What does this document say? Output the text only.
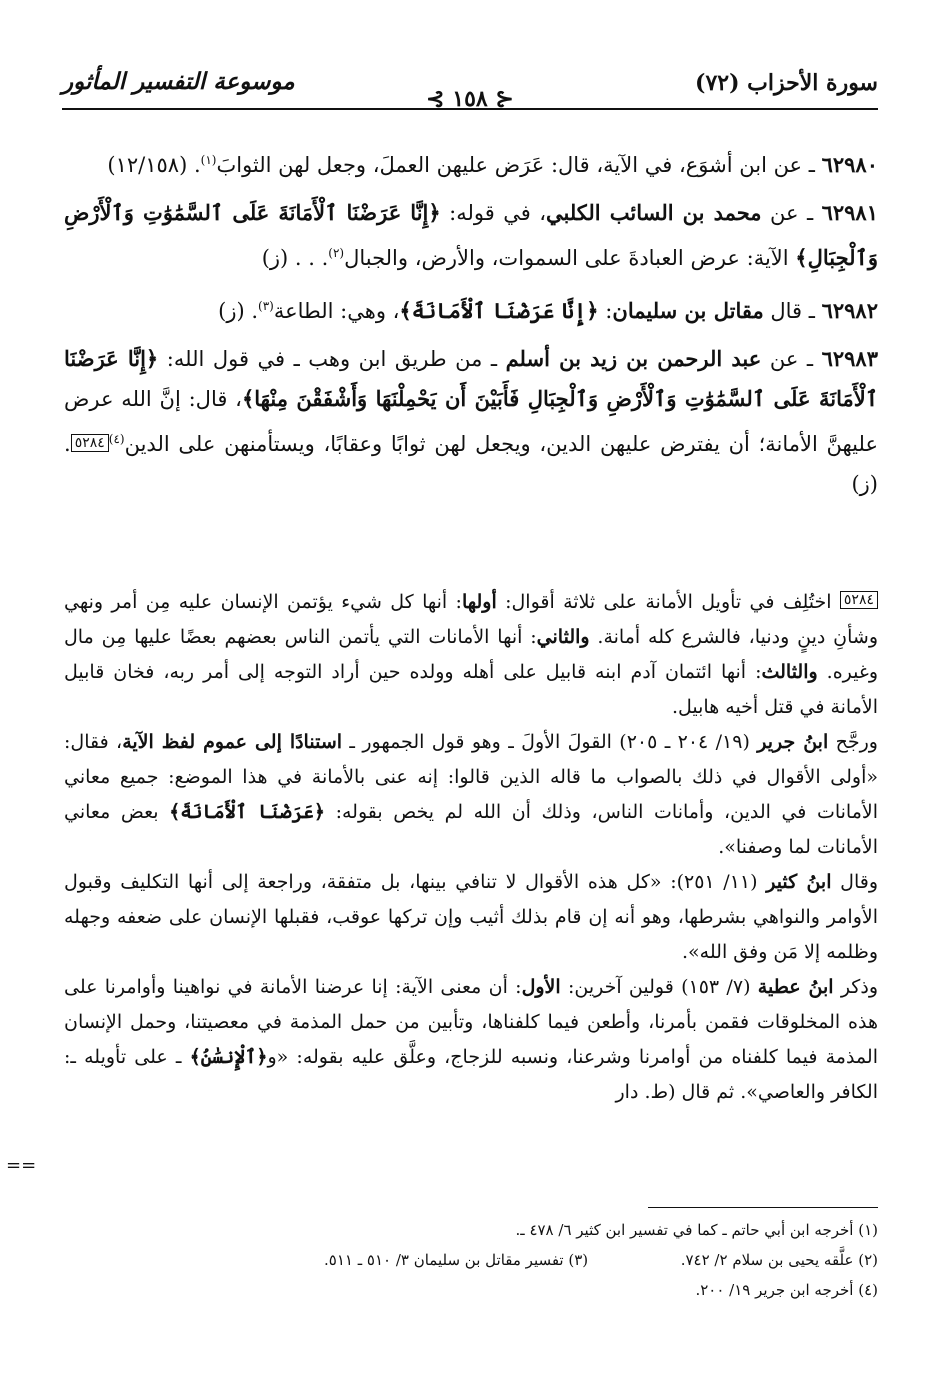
سورة الأحزاب (٧٢)
⊰ ١٥٨ ⊱
موسوعة التفسير المأثور
٦٢٩٨٠ ـ عن ابن أشوَع، في الآية، قال: عَرَض عليهن العملَ، وجعل لهن الثوابَ$^{(١)}$. (١٢/١٥٨)
٦٢٩٨١ ـ عن محمد بن السائب الكلبي، في قوله: ﴿إِنَّا عَرَضْنَا ٱلْأَمَانَةَ عَلَى ٱلسَّمَٰوَٰتِ وَٱلْأَرْضِ وَٱلْجِبَالِ﴾ الآية: عرض العبادةَ على السموات، والأرض، والجبال$^{(٢)}$. . . (ز)
٦٢٩٨٢ ـ قال مقاتل بن سليمان: ﴿إِنَّا عَرَضْنَا ٱلْأَمَانَةَ﴾، وهي: الطاعة$^{(٣)}$. (ز)
٦٢٩٨٣ ـ عن عبد الرحمن بن زيد بن أسلم ـ من طريق ابن وهب ـ في قول الله: ﴿إِنَّا عَرَضْنَا ٱلْأَمَانَةَ عَلَى ٱلسَّمَٰوَٰتِ وَٱلْأَرْضِ وَٱلْجِبَالِ فَأَبَيْنَ أَن يَحْمِلْنَهَا وَأَشْفَقْنَ مِنْهَا﴾، قال: إنَّ الله عرض عليهنَّ الأمانة؛ أن يفترض عليهن الدين، ويجعل لهن ثوابًا وعقابًا، ويستأمنهن على الدين$^{(٤)}$٥٢٨٤. (ز)

$^{٥٢٨٤}$ اختُلِف في تأويل الأمانة على ثلاثة أقوال: أولها: أنها كل شيء يؤتمن الإنسان عليه مِن أمر ونهي وشأنِ دينٍ ودنيا، فالشرع كله أمانة. والثاني: أنها الأمانات التي يأتمن الناس بعضهم بعضًا عليها مِن مال وغيره. والثالث: أنها ائتمان آدم ابنه قابيل على أهله وولده حين أراد التوجه إلى أمر ربه، فخان قابيل الأمانة في قتل أخيه هابيل.

ورجَّح ابنُ جرير (١٩/ ٢٠٤ ـ ٢٠٥) القولَ الأولَ ـ وهو قول الجمهور ـ استنادًا إلى عموم لفظ الآية، فقال: «أولى الأقوال في ذلك بالصواب ما قاله الذين قالوا: إنه عنى بالأمانة في هذا الموضع: جميع معاني الأمانات في الدين، وأمانات الناس، وذلك أن الله لم يخص بقوله: ﴿عَرَضْنَا ٱلْأَمَانَةَ﴾ بعض معاني الأمانات لما وصفنا».

وقال ابنُ كثير (١١/ ٢٥١): «كل هذه الأقوال لا تنافي بينها، بل متفقة، وراجعة إلى أنها التكليف وقبول الأوامر والنواهي بشرطها، وهو أنه إن قام بذلك أثيب وإن تركها عوقب، فقبلها الإنسان على ضعفه وجهله وظلمه إلا مَن وفق الله».

وذكر ابنُ عطية (٧/ ١٥٣) قولين آخرين: الأول: أن معنى الآية: إنا عرضنا الأمانة في نواهينا وأوامرنا على هذه المخلوقات فقمن بأمرنا، وأطعن فيما كلفناها، وتأبين من حمل المذمة في معصيتنا، وحمل الإنسان المذمة فيما كلفناه من أوامرنا وشرعنا، ونسبه للزجاج، وعلَّق عليه بقوله: «و﴿ٱلْإِنسَٰنُ﴾ ـ على تأويله ـ: الكافر والعاصي». ثم قال (ط. دار

==
(١) أخرجه ابن أبي حاتم ـ كما في تفسير ابن كثير ٦/ ٤٧٨ ـ.
(٢) علَّقه يحيى بن سلام ٢/ ٧٤٢.
(٣) تفسير مقاتل بن سليمان ٣/ ٥١٠ ـ ٥١١.
(٤) أخرجه ابن جرير ١٩/ ٢٠٠.
